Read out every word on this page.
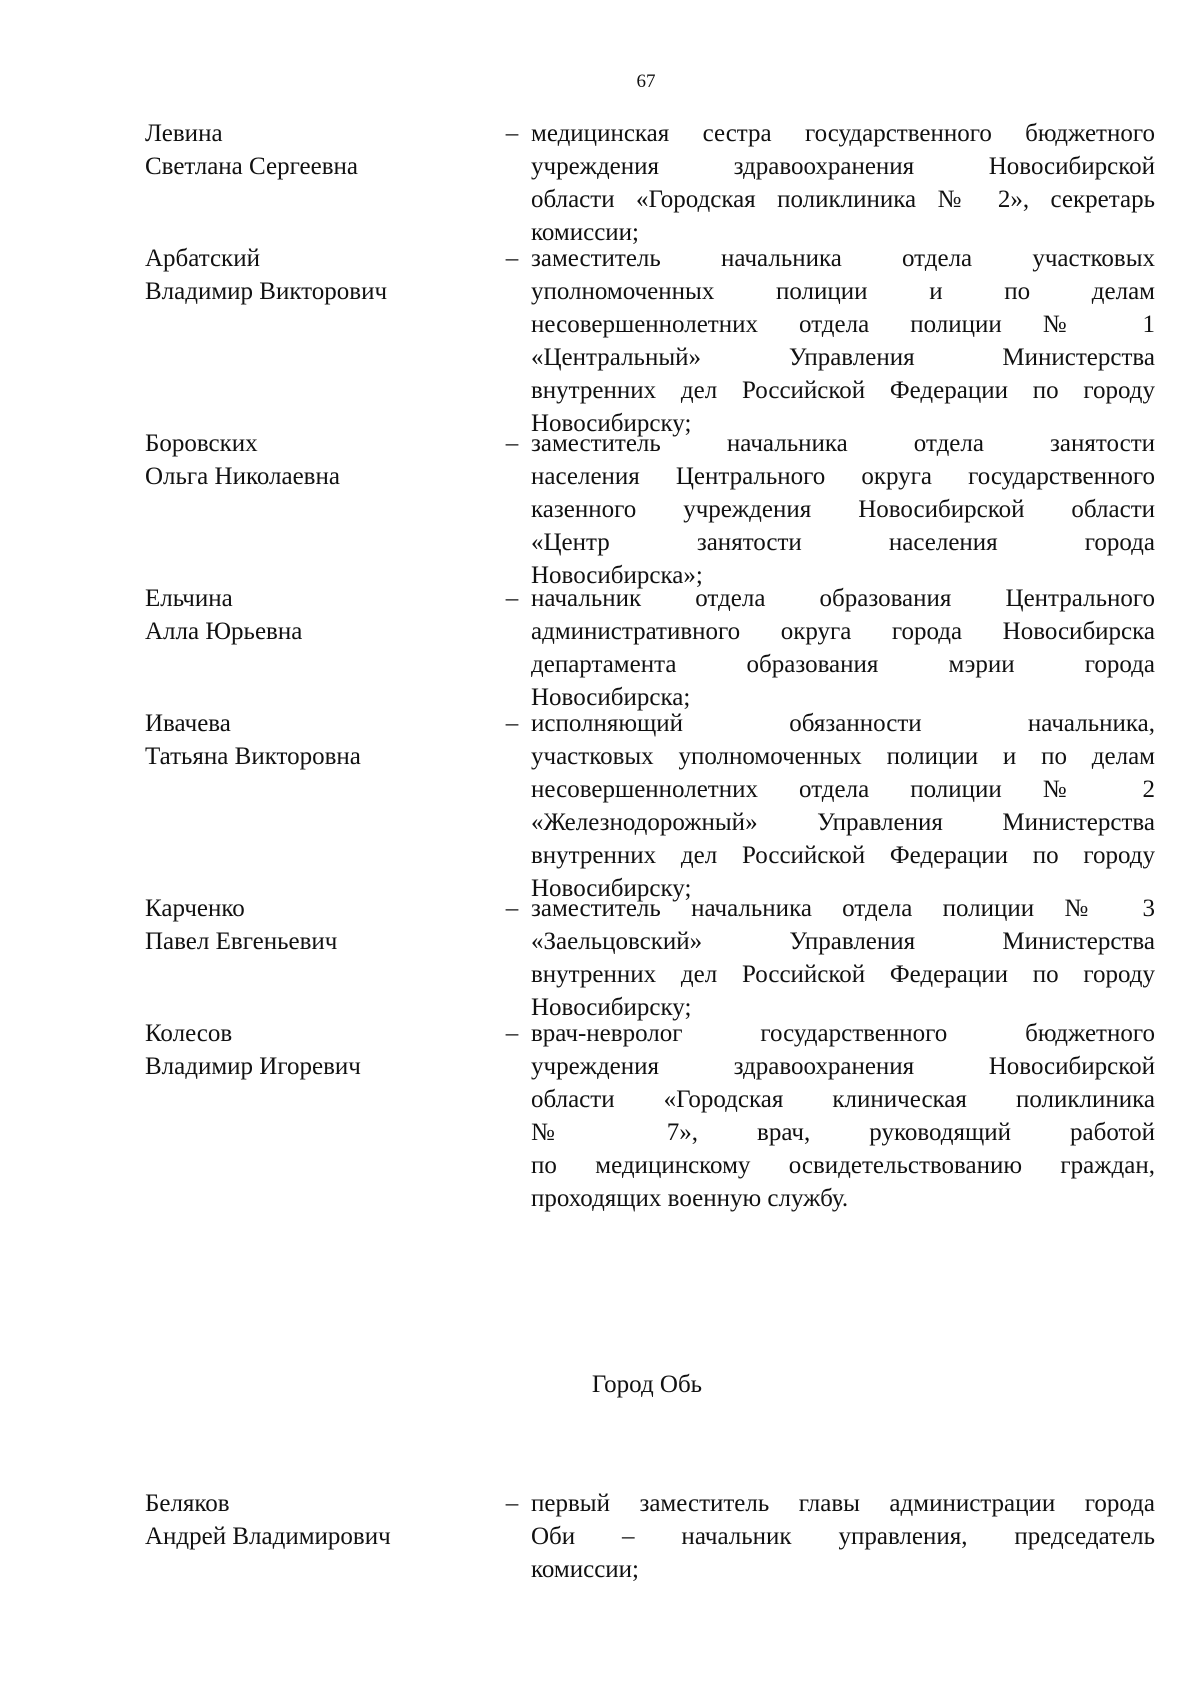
67
Левина
Светлана Сергеевна
– медицинская сестра государственного бюджетного
учреждения здравоохранения Новосибирской
области «Городская поликлиника № 2», секретарь
комиссии;
Арбатский
Владимир Викторович
– заместитель начальника отдела участковых
уполномоченных полиции и по делам
несовершеннолетних отдела полиции № 1
«Центральный» Управления Министерства
внутренних дел Российской Федерации по городу
Новосибирску;
Боровских
Ольга Николаевна
– заместитель начальника отдела занятости
населения Центрального округа государственного
казенного учреждения Новосибирской области
«Центр занятости населения города
Новосибирска»;
Ельчина
Алла Юрьевна
– начальник отдела образования Центрального
административного округа города Новосибирска
департамента образования мэрии города
Новосибирска;
Ивачева
Татьяна Викторовна
– исполняющий обязанности начальника,
участковых уполномоченных полиции и по делам
несовершеннолетних отдела полиции № 2
«Железнодорожный» Управления Министерства
внутренних дел Российской Федерации по городу
Новосибирску;
Карченко
Павел Евгеньевич
– заместитель начальника отдела полиции № 3
«Заельцовский» Управления Министерства
внутренних дел Российской Федерации по городу
Новосибирску;
Колесов
Владимир Игоревич
– врач-невролог государственного бюджетного
учреждения здравоохранения Новосибирской
области «Городская клиническая поликлиника
№ 7», врач, руководящий работой
по медицинскому освидетельствованию граждан,
проходящих военную службу.
Город Обь
Беляков
Андрей Владимирович
– первый заместитель главы администрации города
Оби – начальник управления, председатель
комиссии;
